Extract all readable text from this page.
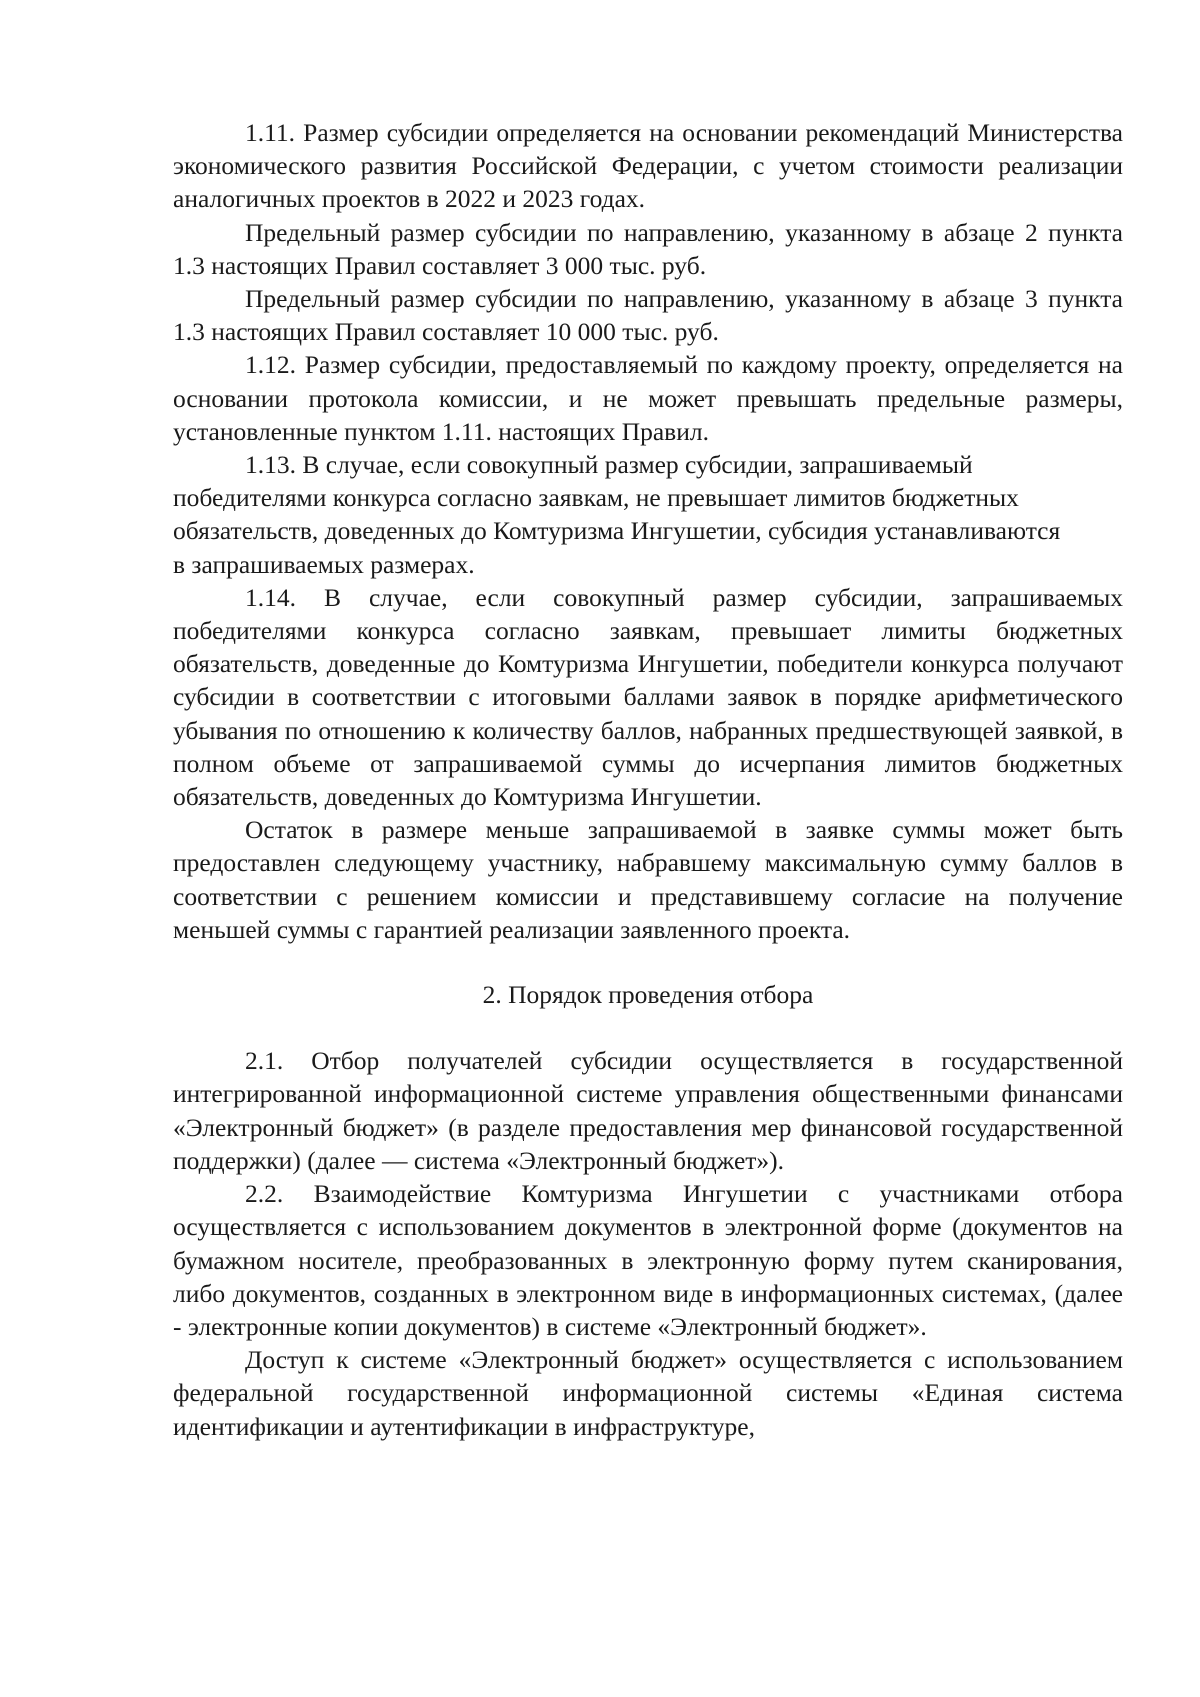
1.11. Размер субсидии определяется на основании рекомендаций Министерства экономического развития Российской Федерации, с учетом стоимости реализации аналогичных проектов в 2022 и 2023 годах.

Предельный размер субсидии по направлению, указанному в абзаце 2 пункта 1.3 настоящих Правил составляет 3 000 тыс. руб.

Предельный размер субсидии по направлению, указанному в абзаце 3 пункта 1.3 настоящих Правил составляет 10 000 тыс. руб.

1.12. Размер субсидии, предоставляемый по каждому проекту, определяется на основании протокола комиссии, и не может превышать предельные размеры, установленные пунктом 1.11. настоящих Правил.

1.13. В случае, если совокупный размер субсидии, запрашиваемый победителями конкурса согласно заявкам, не превышает лимитов бюджетных обязательств, доведенных до Комтуризма Ингушетии, субсидия устанавливаются

в запрашиваемых размерах.

1.14. В случае, если совокупный размер субсидии, запрашиваемых победителями конкурса согласно заявкам, превышает лимиты бюджетных обязательств, доведенные до Комтуризма Ингушетии, победители конкурса получают субсидии в соответствии с итоговыми баллами заявок в порядке арифметического убывания по отношению к количеству баллов, набранных предшествующей заявкой, в полном объеме от запрашиваемой суммы до исчерпания лимитов бюджетных обязательств, доведенных до Комтуризма Ингушетии.

Остаток в размере меньше запрашиваемой в заявке суммы может быть предоставлен следующему участнику, набравшему максимальную сумму баллов в соответствии с решением комиссии и представившему согласие на получение меньшей суммы с гарантией реализации заявленного проекта.

2. Порядок проведения отбора

2.1. Отбор получателей субсидии осуществляется в государственной интегрированной информационной системе управления общественными финансами «Электронный бюджет» (в разделе предоставления мер финансовой государственной поддержки) (далее — система «Электронный бюджет»).

2.2. Взаимодействие Комтуризма Ингушетии с участниками отбора осуществляется с использованием документов в электронной форме (документов на бумажном носителе, преобразованных в электронную форму путем сканирования, либо документов, созданных в электронном виде в информационных системах, (далее - электронные копии документов) в системе «Электронный бюджет».

Доступ к системе «Электронный бюджет» осуществляется с использованием федеральной государственной информационной системы «Единая система идентификации и аутентификации в инфраструктуре,
